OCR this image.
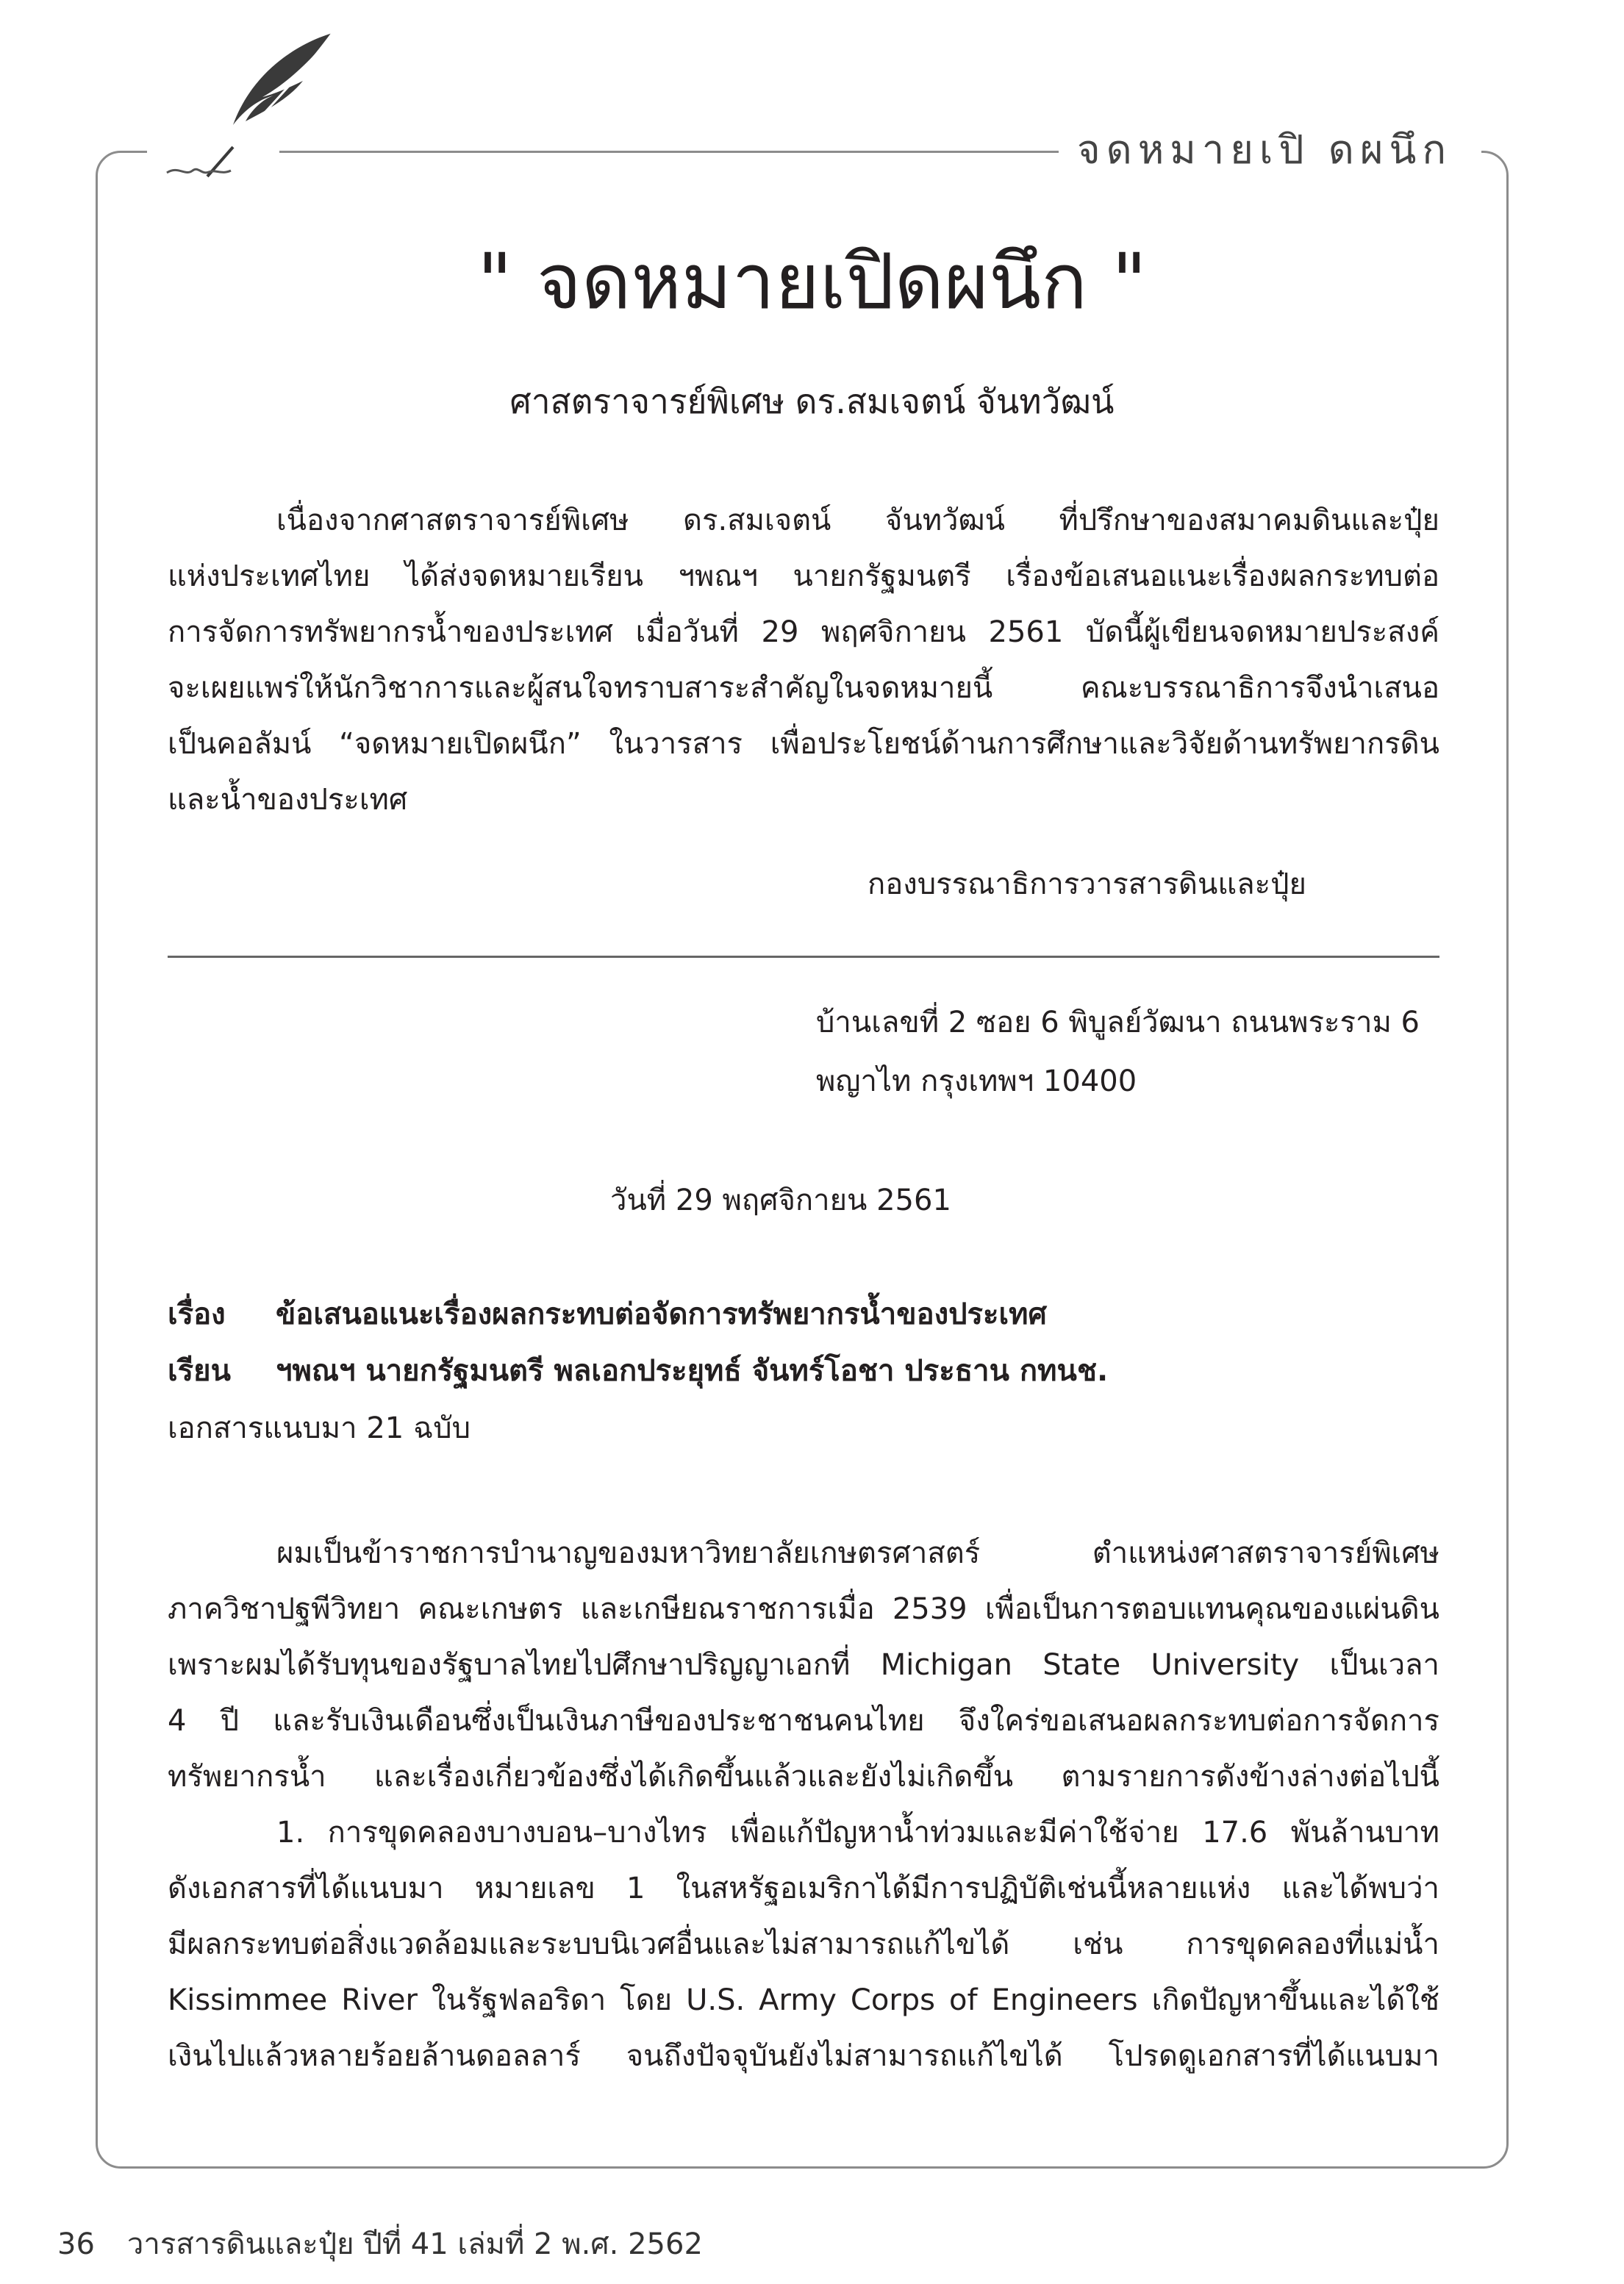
จดหมายเปิ ดผนึก
" จดหมายเปิดผนึก "
ศาสตราจารย์พิเศษ ดร.สมเจตน์ จันทวัฒน์
เนื่องจากศาสตราจารย์พิเศษ ดร.สมเจตน์ จันทวัฒน์ ที่ปรึกษาของสมาคมดินและปุ๋ย
แห่งประเทศไทย ได้ส่งจดหมายเรียน ฯพณฯ นายกรัฐมนตรี เรื่องข้อเสนอแนะเรื่องผลกระทบต่อ
การจัดการทรัพยากรน้ำของประเทศ เมื่อวันที่ 29 พฤศจิกายน 2561 บัดนี้ผู้เขียนจดหมายประสงค์
จะเผยแพร่ให้นักวิชาการและผู้สนใจทราบสาระสำคัญในจดหมายนี้ คณะบรรณาธิการจึงนำเสนอ
เป็นคอลัมน์ “จดหมายเปิดผนึก” ในวารสาร เพื่อประโยชน์ด้านการศึกษาและวิจัยด้านทรัพยากรดิน
และน้ำของประเทศ
กองบรรณาธิการวารสารดินและปุ๋ย
บ้านเลขที่ 2 ซอย 6 พิบูลย์วัฒนา ถนนพระราม 6
พญาไท กรุงเทพฯ 10400
วันที่ 29 พฤศจิกายน 2561
เรื่อง ข้อเสนอแนะเรื่องผลกระทบต่อจัดการทรัพยากรน้ำของประเทศ
เรียน ฯพณฯ นายกรัฐมนตรี พลเอกประยุทธ์ จันทร์โอชา ประธาน กทนช.
เอกสารแนบมา 21 ฉบับ
ผมเป็นข้าราชการบำนาญของมหาวิทยาลัยเกษตรศาสตร์ ตำแหน่งศาสตราจารย์พิเศษ
ภาควิชาปฐพีวิทยา คณะเกษตร และเกษียณราชการเมื่อ 2539 เพื่อเป็นการตอบแทนคุณของแผ่นดิน
เพราะผมได้รับทุนของรัฐบาลไทยไปศึกษาปริญญาเอกที่ Michigan State University เป็นเวลา
4 ปี และรับเงินเดือนซึ่งเป็นเงินภาษีของประชาชนคนไทย จึงใคร่ขอเสนอผลกระทบต่อการจัดการ
ทรัพยากรน้ำ และเรื่องเกี่ยวข้องซึ่งได้เกิดขึ้นแล้วและยังไม่เกิดขึ้น ตามรายการดังข้างล่างต่อไปนี้
1. การขุดคลองบางบอน–บางไทร เพื่อแก้ปัญหาน้ำท่วมและมีค่าใช้จ่าย 17.6 พันล้านบาท
ดังเอกสารที่ได้แนบมา หมายเลข 1 ในสหรัฐอเมริกาได้มีการปฏิบัติเช่นนี้หลายแห่ง และได้พบว่า
มีผลกระทบต่อสิ่งแวดล้อมและระบบนิเวศอื่นและไม่สามารถแก้ไขได้ เช่น การขุดคลองที่แม่น้ำ
Kissimmee River ในรัฐฟลอริดา โดย U.S. Army Corps of Engineers เกิดปัญหาขึ้นและได้ใช้
เงินไปแล้วหลายร้อยล้านดอลลาร์ จนถึงปัจจุบันยังไม่สามารถแก้ไขได้ โปรดดูเอกสารที่ได้แนบมา
36 วารสารดินและปุ๋ย ปีที่ 41 เล่มที่ 2 พ.ศ. 2562
